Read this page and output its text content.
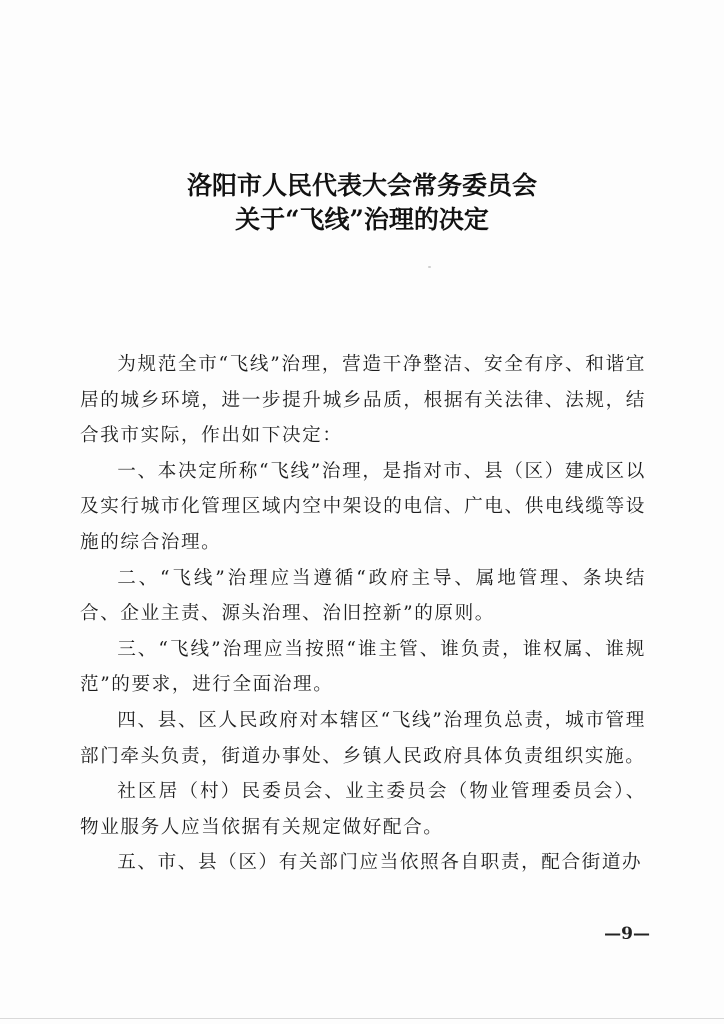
洛阳市人民代表大会常务委员会
关于“飞线”治理的决定

为规范全市“飞线”治理，营造干净整洁、安全有序、和谐宜居的城乡环境，进一步提升城乡品质，根据有关法律、法规，结合我市实际，作出如下决定：

一、本决定所称“飞线”治理，是指对市、县（区）建成区以及实行城市化管理区域内空中架设的电信、广电、供电线缆等设施的综合治理。

二、“飞线”治理应当遵循“政府主导、属地管理、条块结合、企业主责、源头治理、治旧控新”的原则。

三、“飞线”治理应当按照“谁主管、谁负责，谁权属、谁规范”的要求，进行全面治理。

四、县、区人民政府对本辖区“飞线”治理负总责，城市管理部门牵头负责，街道办事处、乡镇人民政府具体负责组织实施。

社区居（村）民委员会、业主委员会（物业管理委员会）、物业服务人应当依据有关规定做好配合。

五、市、县（区）有关部门应当依照各自职责，配合街道办

—9—
